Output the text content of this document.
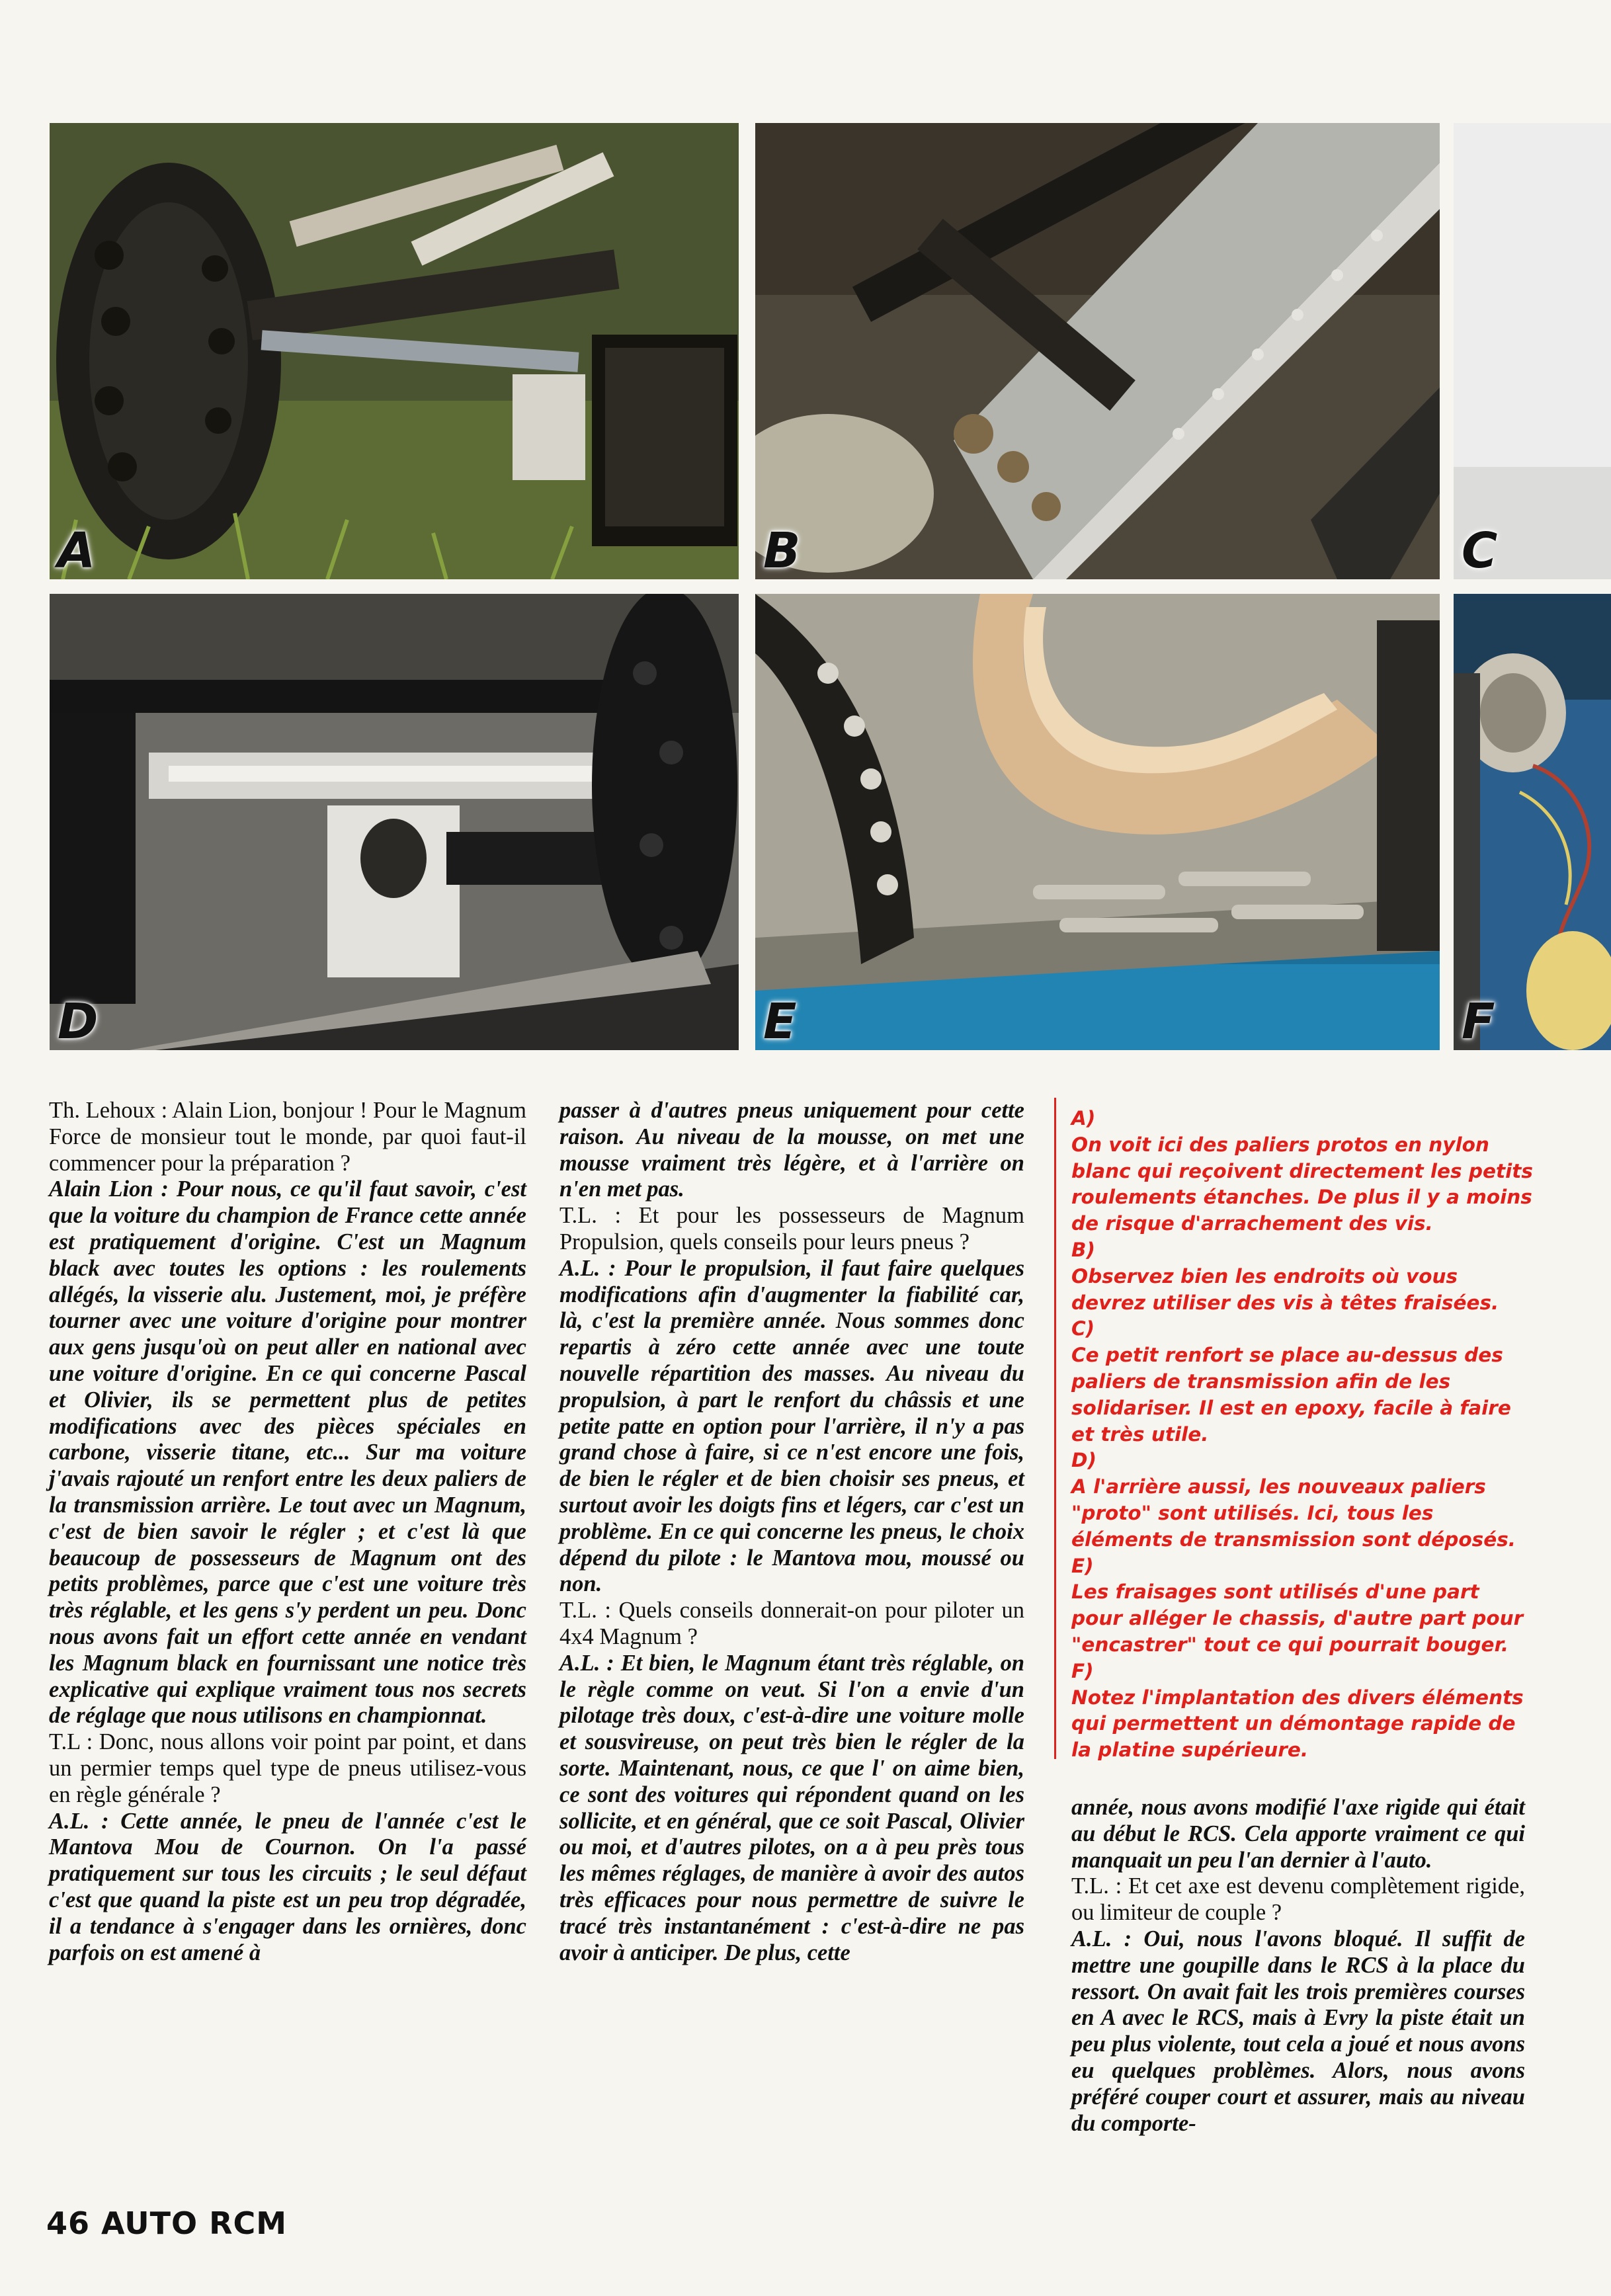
A	B	C
D	E	F

Th. Lehoux : Alain Lion, bonjour ! Pour le Magnum Force de monsieur tout le monde, par quoi faut-il commencer pour la préparation ?

Alain Lion : Pour nous, ce qu'il faut savoir, c'est que la voiture du champion de France cette année est pratiquement d'origine. C'est un Magnum black avec toutes les options : les roulements allégés, la visserie alu. Justement, moi, je préfère tourner avec une voiture d'origine pour montrer aux gens jusqu'où on peut aller en national avec une voiture d'origine. En ce qui concerne Pascal et Olivier, ils se permettent plus de petites modifications avec des pièces spéciales en carbone, visserie titane, etc... Sur ma voiture j'avais rajouté un renfort entre les deux paliers de la transmission arrière. Le tout avec un Magnum, c'est de bien savoir le régler ; et c'est là que beaucoup de possesseurs de Magnum ont des petits problèmes, parce que c'est une voiture très très réglable, et les gens s'y perdent un peu. Donc nous avons fait un effort cette année en vendant les Magnum black en fournissant une notice très explicative qui explique vraiment tous nos secrets de réglage que nous utilisons en championnat.

T.L : Donc, nous allons voir point par point, et dans un permier temps quel type de pneus utilisez-vous en règle générale ?

A.L. : Cette année, le pneu de l'année c'est le Mantova Mou de Cournon. On l'a passé pratiquement sur tous les circuits ; le seul défaut c'est que quand la piste est un peu trop dégradée, il a tendance à s'engager dans les ornières, donc parfois on est amené à

passer à d'autres pneus uniquement pour cette raison. Au niveau de la mousse, on met une mousse vraiment très légère, et à l'arrière on n'en met pas.

T.L. : Et pour les possesseurs de Magnum Propulsion, quels conseils pour leurs pneus ?

A.L. : Pour le propulsion, il faut faire quelques modifications afin d'augmenter la fiabilité car, là, c'est la première année. Nous sommes donc repartis à zéro cette année avec une toute nouvelle répartition des masses. Au niveau du propulsion, à part le renfort du châssis et une petite patte en option pour l'arrière, il n'y a pas grand chose à faire, si ce n'est encore une fois, de bien le régler et de bien choisir ses pneus, et surtout avoir les doigts fins et légers, car c'est un problème. En ce qui concerne les pneus, le choix dépend du pilote : le Mantova mou, moussé ou non.

T.L. : Quels conseils donnerait-on pour piloter un 4x4 Magnum ?

A.L. : Et bien, le Magnum étant très réglable, on le règle comme on veut. Si l'on a envie d'un pilotage très doux, c'est-à-dire une voiture molle et sousvireuse, on peut très bien le régler de la sorte. Maintenant, nous, ce que l' on aime bien, ce sont des voitures qui répondent quand on les sollicite, et en général, que ce soit Pascal, Olivier ou moi, et d'autres pilotes, on a à peu près tous les mêmes réglages, de manière à avoir des autos très efficaces pour nous permettre de suivre le tracé très instantanément : c'est-à-dire ne pas avoir à anticiper. De plus, cette

A)
On voit ici des paliers protos en nylon blanc qui reçoivent directement les petits roulements étanches. De plus il y a moins de risque d'arrachement des vis.
B)
Observez bien les endroits où vous devrez utiliser des vis à têtes fraisées.
C)
Ce petit renfort se place au-dessus des paliers de transmission afin de les solidariser. Il est en epoxy, facile à faire et très utile.
D)
A l'arrière aussi, les nouveaux paliers "proto" sont utilisés. Ici, tous les éléments de transmission sont déposés.
E)
Les fraisages sont utilisés d'une part pour alléger le chassis, d'autre part pour "encastrer" tout ce qui pourrait bouger.
F)
Notez l'implantation des divers éléments qui permettent un démontage rapide de la platine supérieure.

année, nous avons modifié l'axe rigide qui était au début le RCS. Cela apporte vraiment ce qui manquait un peu l'an dernier à l'auto.

T.L. : Et cet axe est devenu complètement rigide, ou limiteur de couple ?

A.L. : Oui, nous l'avons bloqué. Il suffit de mettre une goupille dans le RCS à la place du ressort. On avait fait les trois premières courses en A avec le RCS, mais à Evry la piste était un peu plus violente, tout cela a joué et nous avons eu quelques problèmes. Alors, nous avons préféré couper court et assurer, mais au niveau du comporte-

46 AUTO RCM
